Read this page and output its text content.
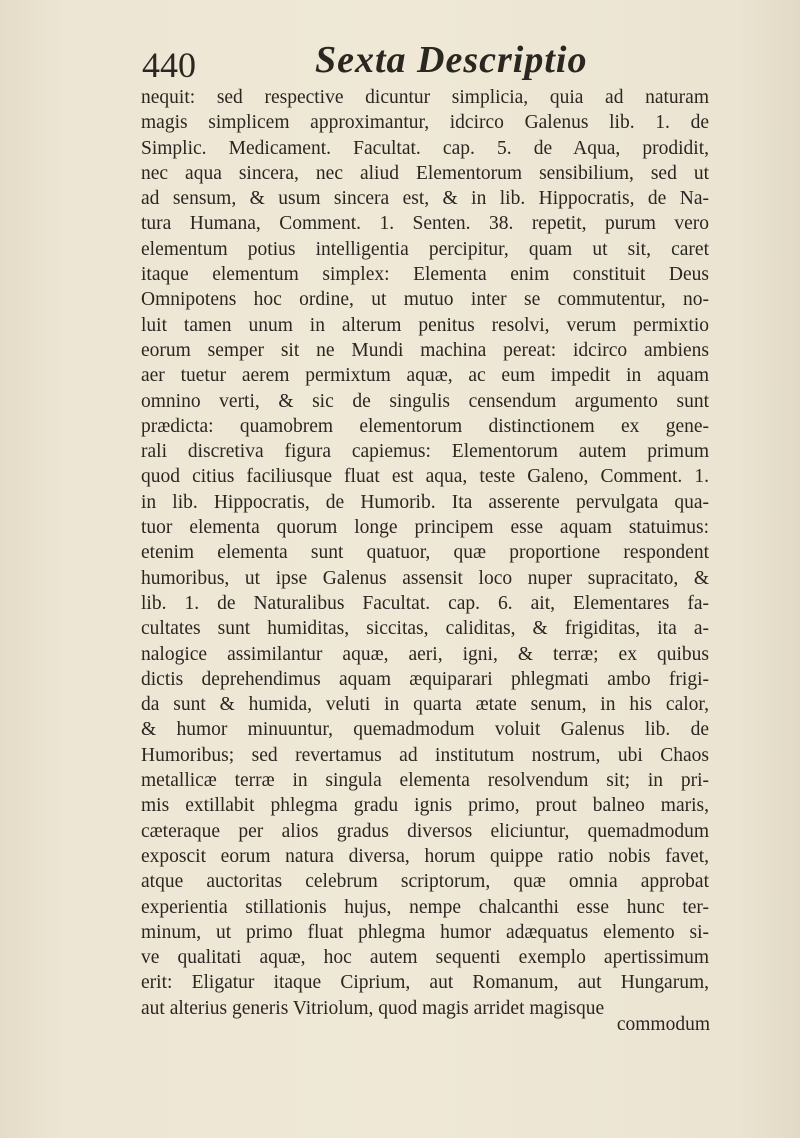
440	Sexta Descriptio
nequit: sed respective dicuntur simplicia, quia ad naturam
magis simplicem approximantur, idcirco Galenus lib. 1. de
Simplic. Medicament. Facultat. cap. 5. de Aqua, prodidit,
nec aqua sincera, nec aliud Elementorum sensibilium, sed ut
ad sensum, & usum sincera est, & in lib. Hippocratis, de Na-
tura Humana, Comment. 1. Senten. 38. repetit, purum vero
elementum potius intelligentia percipitur, quam ut sit, caret
itaque elementum simplex: Elementa enim constituit Deus
Omnipotens hoc ordine, ut mutuo inter se commutentur, no-
luit tamen unum in alterum penitus resolvi, verum permixtio
eorum semper sit ne Mundi machina pereat: idcirco ambiens
aer tuetur aerem permixtum aquæ, ac eum impedit in aquam
omnino verti, & sic de singulis censendum argumento sunt
prædicta: quamobrem elementorum distinctionem ex gene-
rali discretiva figura capiemus: Elementorum autem primum
quod citius faciliusque fluat est aqua, teste Galeno, Comment. 1.
in lib. Hippocratis, de Humorib. Ita asserente pervulgata qua-
tuor elementa quorum longe principem esse aquam statuimus:
etenim elementa sunt quatuor, quæ proportione respondent
humoribus, ut ipse Galenus assensit loco nuper supracitato, &
lib. 1. de Naturalibus Facultat. cap. 6. ait, Elementares fa-
cultates sunt humiditas, siccitas, caliditas, & frigiditas, ita a-
nalogice assimilantur aquæ, aeri, igni, & terræ; ex quibus
dictis deprehendimus aquam æquiparari phlegmati ambo frigi-
da sunt & humida, veluti in quarta ætate senum, in his calor,
& humor minuuntur, quemadmodum voluit Galenus lib. de
Humoribus; sed revertamus ad institutum nostrum, ubi Chaos
metallicæ terræ in singula elementa resolvendum sit; in pri-
mis extillabit phlegma gradu ignis primo, prout balneo maris,
cæteraque per alios gradus diversos eliciuntur, quemadmodum
exposcit eorum natura diversa, horum quippe ratio nobis favet,
atque auctoritas celebrum scriptorum, quæ omnia approbat
experientia stillationis hujus, nempe chalcanthi esse hunc ter-
minum, ut primo fluat phlegma humor adæquatus elemento si-
ve qualitati aquæ, hoc autem sequenti exemplo apertissimum
erit: Eligatur itaque Ciprium, aut Romanum, aut Hungarum,
aut alterius generis Vitriolum, quod magis arridet magisque
commodum
